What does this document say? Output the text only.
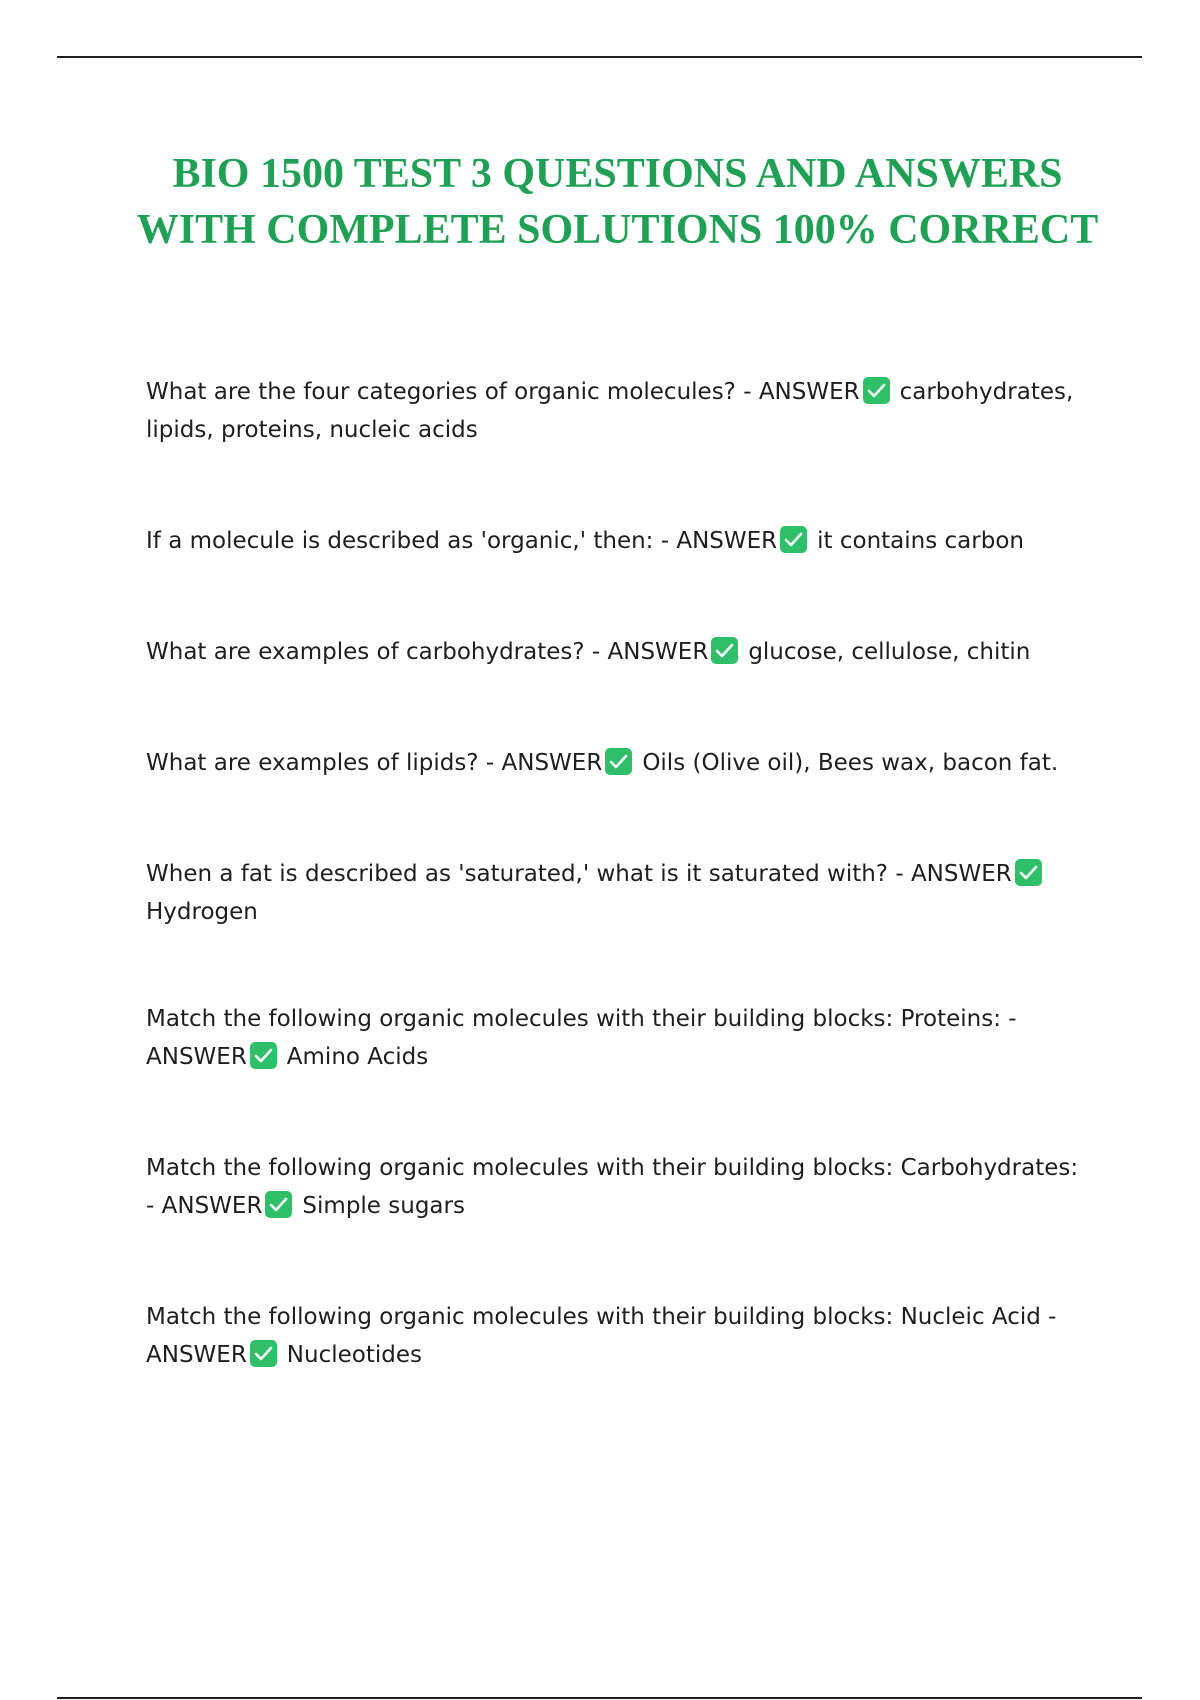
BIO 1500 TEST 3 QUESTIONS AND ANSWERS WITH COMPLETE SOLUTIONS 100% CORRECT

What are the four categories of organic molecules? - ANSWER carbohydrates, lipids, proteins, nucleic acids

If a molecule is described as 'organic,' then: - ANSWER it contains carbon

What are examples of carbohydrates? - ANSWER glucose, cellulose, chitin

What are examples of lipids? - ANSWER Oils (Olive oil), Bees wax, bacon fat.

When a fat is described as 'saturated,' what is it saturated with? - ANSWER
Hydrogen

Match the following organic molecules with their building blocks: Proteins: - ANSWER Amino Acids

Match the following organic molecules with their building blocks: Carbohydrates: - ANSWER Simple sugars

Match the following organic molecules with their building blocks: Nucleic Acid - ANSWER Nucleotides
